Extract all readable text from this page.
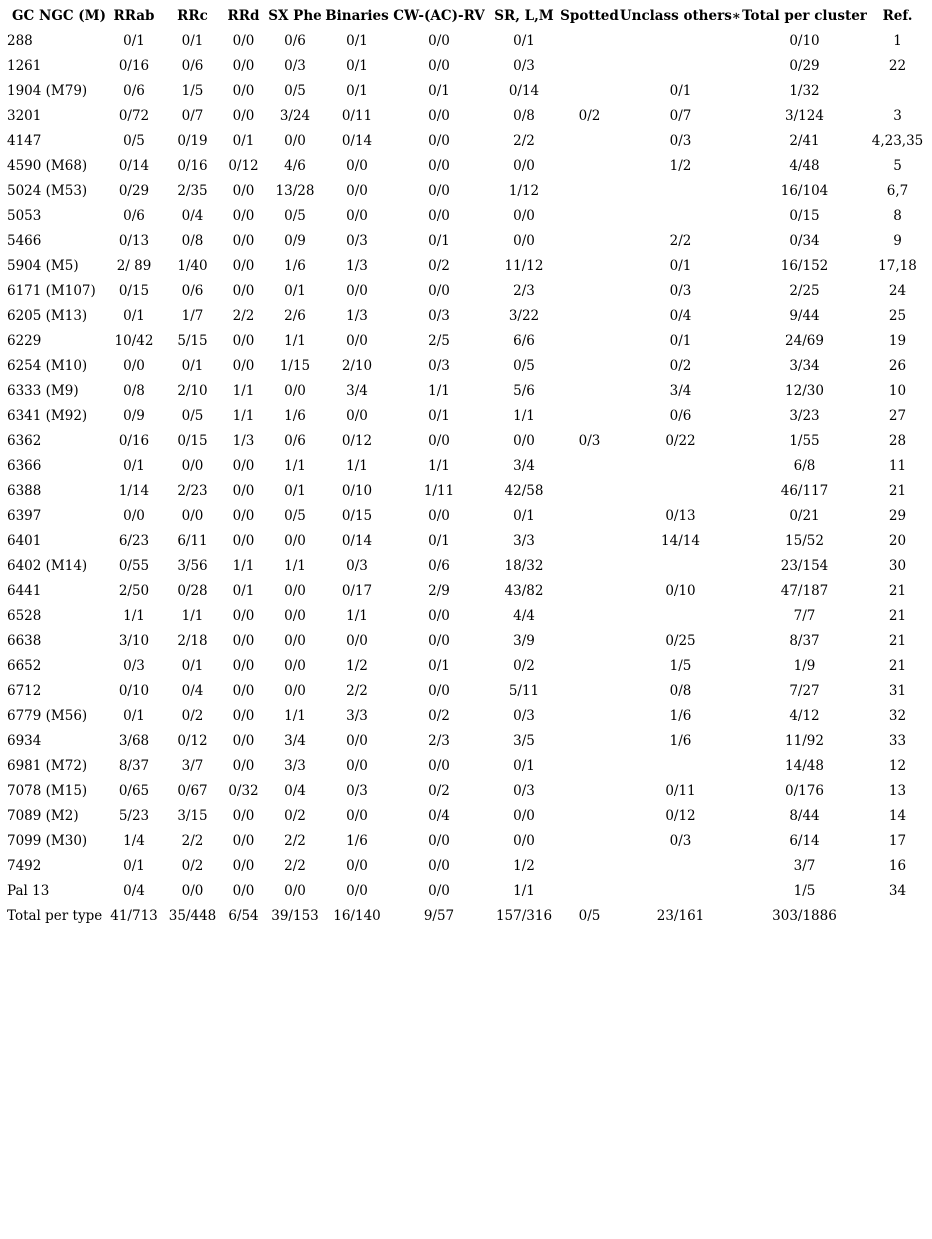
GC NGC (M)	RRab	RRc	RRd	SX Phe	Binaries	CW-(AC)-RV	SR, L,M	Spotted	Unclass others∗	Total per cluster	Ref.
288	0/1	0/1	0/0	0/6	0/1	0/0	0/1			0/10	1
1261	0/16	0/6	0/0	0/3	0/1	0/0	0/3			0/29	22
1904 (M79)	0/6	1/5	0/0	0/5	0/1	0/1	0/14		0/1	1/32	
3201	0/72	0/7	0/0	3/24	0/11	0/0	0/8	0/2	0/7	3/124	3
4147	0/5	0/19	0/1	0/0	0/14	0/0	2/2		0/3	2/41	4,23,35
4590 (M68)	0/14	0/16	0/12	4/6	0/0	0/0	0/0		1/2	4/48	5
5024 (M53)	0/29	2/35	0/0	13/28	0/0	0/0	1/12			16/104	6,7
5053	0/6	0/4	0/0	0/5	0/0	0/0	0/0			0/15	8
5466	0/13	0/8	0/0	0/9	0/3	0/1	0/0		2/2	0/34	9
5904 (M5)	2/ 89	1/40	0/0	1/6	1/3	0/2	11/12		0/1	16/152	17,18
6171 (M107)	0/15	0/6	0/0	0/1	0/0	0/0	2/3		0/3	2/25	24
6205 (M13)	0/1	1/7	2/2	2/6	1/3	0/3	3/22		0/4	9/44	25
6229	10/42	5/15	0/0	1/1	0/0	2/5	6/6		0/1	24/69	19
6254 (M10)	0/0	0/1	0/0	1/15	2/10	0/3	0/5		0/2	3/34	26
6333 (M9)	0/8	2/10	1/1	0/0	3/4	1/1	5/6		3/4	12/30	10
6341 (M92)	0/9	0/5	1/1	1/6	0/0	0/1	1/1		0/6	3/23	27
6362	0/16	0/15	1/3	0/6	0/12	0/0	0/0	0/3	0/22	1/55	28
6366	0/1	0/0	0/0	1/1	1/1	1/1	3/4			6/8	11
6388	1/14	2/23	0/0	0/1	0/10	1/11	42/58			46/117	21
6397	0/0	0/0	0/0	0/5	0/15	0/0	0/1		0/13	0/21	29
6401	6/23	6/11	0/0	0/0	0/14	0/1	3/3		14/14	15/52	20
6402 (M14)	0/55	3/56	1/1	1/1	0/3	0/6	18/32			23/154	30
6441	2/50	0/28	0/1	0/0	0/17	2/9	43/82		0/10	47/187	21
6528	1/1	1/1	0/0	0/0	1/1	0/0	4/4			7/7	21
6638	3/10	2/18	0/0	0/0	0/0	0/0	3/9		0/25	8/37	21
6652	0/3	0/1	0/0	0/0	1/2	0/1	0/2		1/5	1/9	21
6712	0/10	0/4	0/0	0/0	2/2	0/0	5/11		0/8	7/27	31
6779 (M56)	0/1	0/2	0/0	1/1	3/3	0/2	0/3		1/6	4/12	32
6934	3/68	0/12	0/0	3/4	0/0	2/3	3/5		1/6	11/92	33
6981 (M72)	8/37	3/7	0/0	3/3	0/0	0/0	0/1			14/48	12
7078 (M15)	0/65	0/67	0/32	0/4	0/3	0/2	0/3		0/11	0/176	13
7089 (M2)	5/23	3/15	0/0	0/2	0/0	0/4	0/0		0/12	8/44	14
7099 (M30)	1/4	2/2	0/0	2/2	1/6	0/0	0/0		0/3	6/14	17
7492	0/1	0/2	0/0	2/2	0/0	0/0	1/2			3/7	16
Pal 13	0/4	0/0	0/0	0/0	0/0	0/0	1/1			1/5	34
Total per type	41/713	35/448	6/54	39/153	16/140	9/57	157/316	0/5	23/161	303/1886	
